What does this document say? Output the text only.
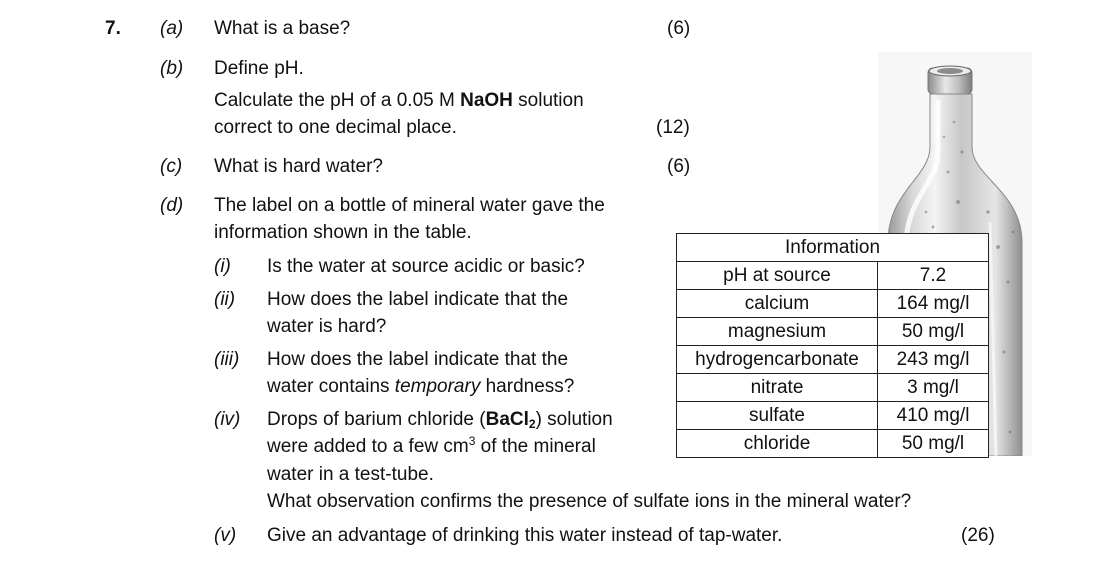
7. (a) What is a base?	(6)
(b) Define pH.
Calculate the pH of a 0.05 M NaOH solution
correct to one decimal place.	(12)
(c) What is hard water?	(6)
(d) The label on a bottle of mineral water gave the
information shown in the table.
(i) Is the water at source acidic or basic?
(ii) How does the label indicate that the
water is hard?
(iii) How does the label indicate that the
water contains temporary hardness?
(iv) Drops of barium chloride (BaCl$_2$) solution
were added to a few $cm^3$ of the mineral
water in a test-tube.
What observation confirms the presence of sulfate ions in the mineral water?
(v) Give an advantage of drinking this water instead of tap-water.	(26)
Information	
pH at source	7.2
calcium	164 mg/l
magnesium	50 mg/l
hydrogencarbonate	243 mg/l
nitrate	3 mg/l
sulfate	410 mg/l
chloride	50 mg/l
